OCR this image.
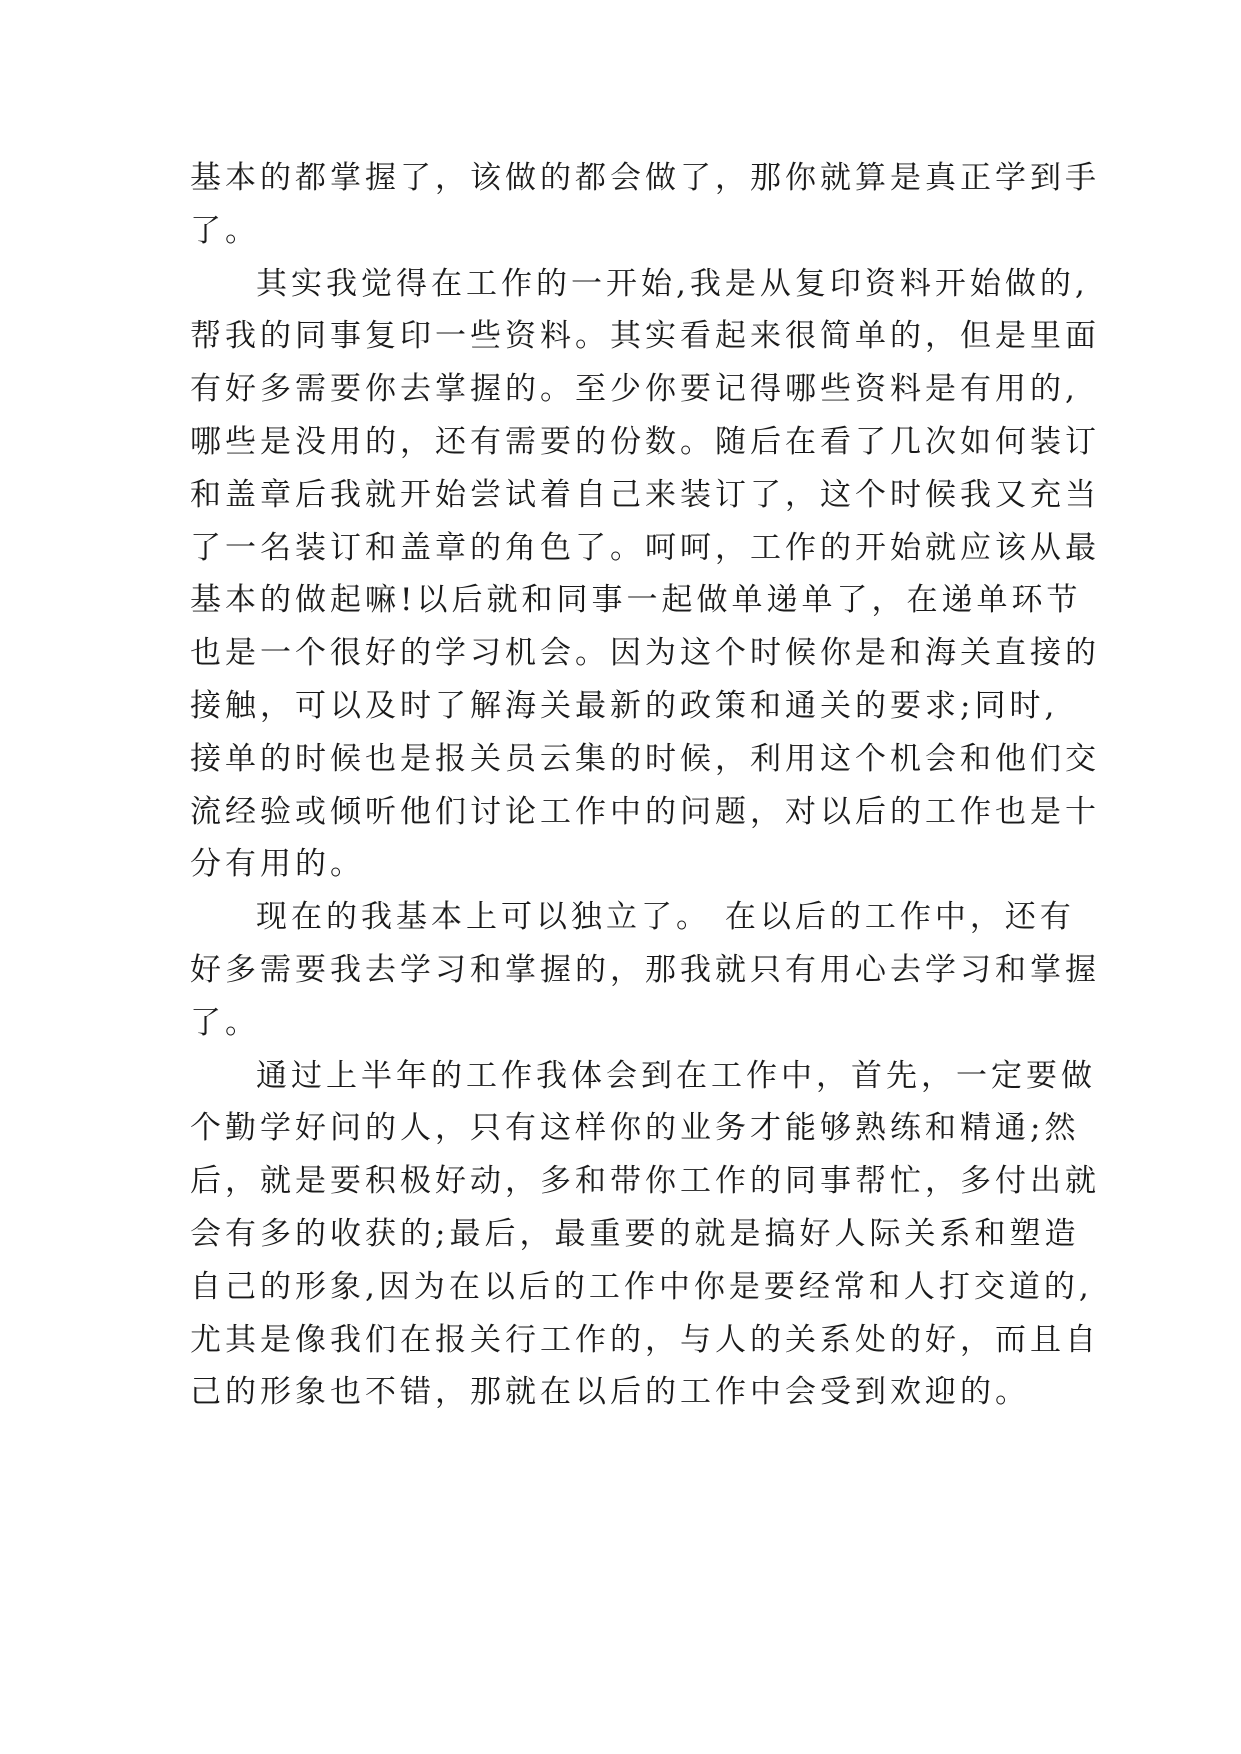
基本的都掌握了，该做的都会做了，那你就算是真正学到手
了。
其实我觉得在工作的一开始,我是从复印资料开始做的,
帮我的同事复印一些资料。其实看起来很简单的，但是里面
有好多需要你去掌握的。至少你要记得哪些资料是有用的,
哪些是没用的，还有需要的份数。随后在看了几次如何装订
和盖章后我就开始尝试着自己来装订了，这个时候我又充当
了一名装订和盖章的角色了。呵呵，工作的开始就应该从最
基本的做起嘛!以后就和同事一起做单递单了，在递单环节
也是一个很好的学习机会。因为这个时候你是和海关直接的
接触，可以及时了解海关最新的政策和通关的要求;同时,
接单的时候也是报关员云集的时候，利用这个机会和他们交
流经验或倾听他们讨论工作中的问题，对以后的工作也是十
分有用的。
现在的我基本上可以独立了。 在以后的工作中，还有
好多需要我去学习和掌握的，那我就只有用心去学习和掌握
了。
通过上半年的工作我体会到在工作中，首先，一定要做
个勤学好问的人，只有这样你的业务才能够熟练和精通;然
后，就是要积极好动，多和带你工作的同事帮忙，多付出就
会有多的收获的;最后，最重要的就是搞好人际关系和塑造
自己的形象,因为在以后的工作中你是要经常和人打交道的,
尤其是像我们在报关行工作的，与人的关系处的好，而且自
己的形象也不错，那就在以后的工作中会受到欢迎的。
